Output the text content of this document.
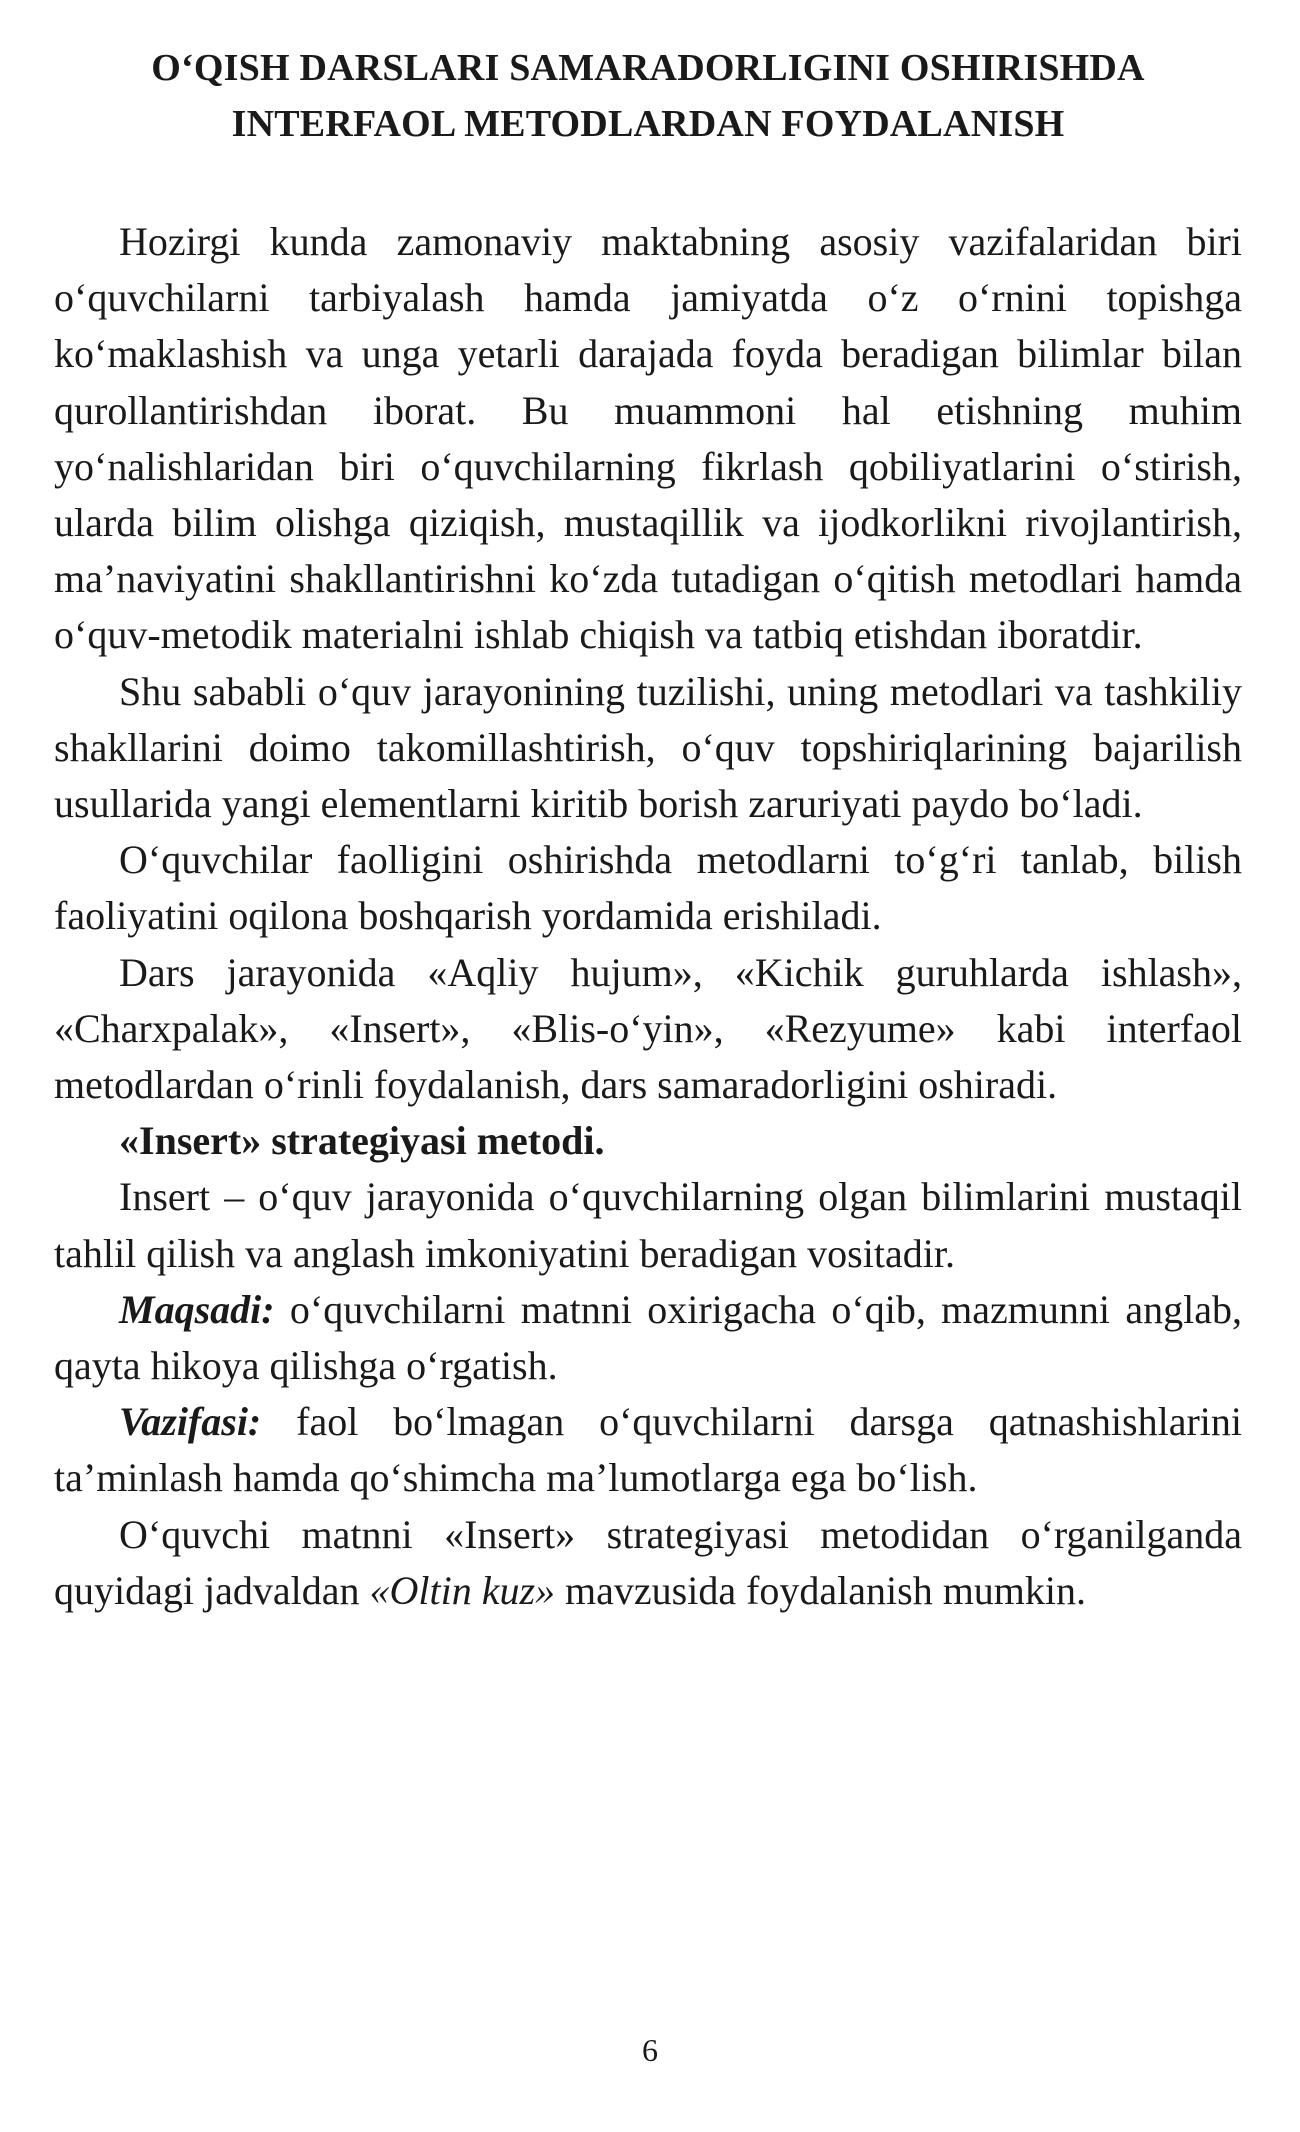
O‘QISH DARSLARI SAMARADORLIGINI OSHIRISHDA
INTERFAOL METODLARDAN FOYDALANISH

Hozirgi kunda zamonaviy maktabning asosiy vazifalaridan biri o‘quvchilarni tarbiyalash hamda jamiyatda o‘z o‘rnini topishga ko‘maklashish va unga yetarli darajada foyda beradigan bilimlar bilan qurollantirishdan iborat. Bu muammoni hal etishning muhim yo‘nalishlaridan biri o‘quvchilarning fikrlash qobiliyatlarini o‘stirish, ularda bilim olishga qiziqish, mustaqillik va ijodkorlikni rivojlantirish, ma’naviyatini shakllantirishni ko‘zda tutadigan o‘qitish metodlari hamda o‘quv-metodik materialni ishlab chiqish va tatbiq etishdan iboratdir.

Shu sababli o‘quv jarayonining tuzilishi, uning metodlari va tashkiliy shakllarini doimo takomillashtirish, o‘quv topshiriqlarining bajarilish usullarida yangi elementlarni kiritib borish zaruriyati paydo bo‘ladi.

O‘quvchilar faolligini oshirishda metodlarni to‘g‘ri tanlab, bilish faoliyatini oqilona boshqarish yordamida erishiladi.

Dars jarayonida «Aqliy hujum», «Kichik guruhlarda ishlash», «Charxpalak», «Insert», «Blis-o‘yin», «Rezyume» kabi interfaol metodlardan o‘rinli foydalanish, dars samaradorligini oshiradi.

«Insert» strategiyasi metodi.

Insert – o‘quv jarayonida o‘quvchilarning olgan bilimlarini mustaqil tahlil qilish va anglash imkoniyatini beradigan vositadir.

Maqsadi: o‘quvchilarni matnni oxirigacha o‘qib, mazmunni anglab, qayta hikoya qilishga o‘rgatish.

Vazifasi: faol bo‘lmagan o‘quvchilarni darsga qatnashishlarini ta’minlash hamda qo‘shimcha ma’lumotlarga ega bo‘lish.

O‘quvchi matnni «Insert» strategiyasi metodidan o‘rganilganda quyidagi jadvaldan «Oltin kuz» mavzusida foydalanish mumkin.

6
